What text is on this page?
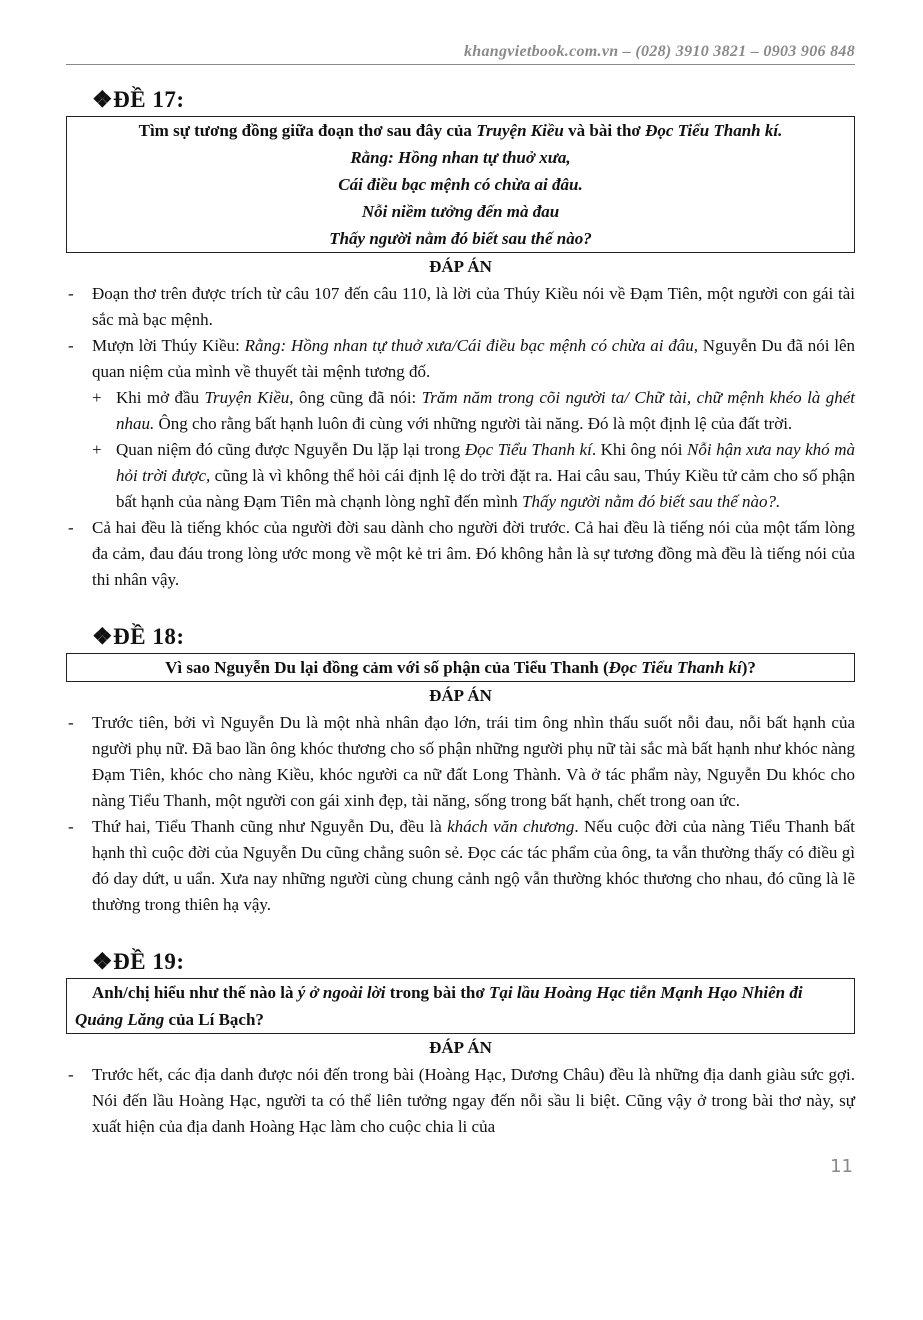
khangvietbook.com.vn – (028) 3910 3821 – 0903 906 848
❖ĐỀ 17:
Tìm sự tương đồng giữa đoạn thơ sau đây của Truyện Kiều và bài thơ Đọc Tiểu Thanh kí.
Rằng: Hồng nhan tự thuở xưa,
Cái điều bạc mệnh có chừa ai đâu.
Nỗi niềm tưởng đến mà đau
Thấy người nằm đó biết sau thế nào?
ĐÁP ÁN
- Đoạn thơ trên được trích từ câu 107 đến câu 110, là lời của Thúy Kiều nói về Đạm Tiên, một người con gái tài sắc mà bạc mệnh.
- Mượn lời Thúy Kiều: Rằng: Hồng nhan tự thuở xưa/Cái điều bạc mệnh có chừa ai đâu, Nguyễn Du đã nói lên quan niệm của mình về thuyết tài mệnh tương đố.
+ Khi mở đầu Truyện Kiều, ông cũng đã nói: Trăm năm trong cõi người ta/ Chữ tài, chữ mệnh khéo là ghét nhau. Ông cho rằng bất hạnh luôn đi cùng với những người tài năng. Đó là một định lệ của đất trời.
+ Quan niệm đó cũng được Nguyễn Du lặp lại trong Đọc Tiểu Thanh kí. Khi ông nói Nỗi hận xưa nay khó mà hỏi trời được, cũng là vì không thể hỏi cái định lệ do trời đặt ra. Hai câu sau, Thúy Kiều tử cảm cho số phận bất hạnh của nàng Đạm Tiên mà chạnh lòng nghĩ đến mình Thấy người nằm đó biết sau thế nào?.
- Cả hai đều là tiếng khóc của người đời sau dành cho người đời trước. Cả hai đều là tiếng nói của một tấm lòng đa cảm, đau đáu trong lòng ước mong về một kẻ tri âm. Đó không hẳn là sự tương đồng mà đều là tiếng nói của thi nhân vậy.
❖ĐỀ 18:
Vì sao Nguyễn Du lại đồng cảm với số phận của Tiểu Thanh (Đọc Tiểu Thanh kí)?
ĐÁP ÁN
- Trước tiên, bởi vì Nguyễn Du là một nhà nhân đạo lớn, trái tim ông nhìn thấu suốt nỗi đau, nỗi bất hạnh của người phụ nữ. Đã bao lần ông khóc thương cho số phận những người phụ nữ tài sắc mà bất hạnh như khóc nàng Đạm Tiên, khóc cho nàng Kiều, khóc người ca nữ đất Long Thành. Và ở tác phẩm này, Nguyễn Du khóc cho nàng Tiểu Thanh, một người con gái xinh đẹp, tài năng, sống trong bất hạnh, chết trong oan ức.
- Thứ hai, Tiểu Thanh cũng như Nguyễn Du, đều là khách văn chương. Nếu cuộc đời của nàng Tiểu Thanh bất hạnh thì cuộc đời của Nguyễn Du cũng chẳng suôn sẻ. Đọc các tác phẩm của ông, ta vẫn thường thấy có điều gì đó day dứt, u uẩn. Xưa nay những người cùng chung cảnh ngộ vẫn thường khóc thương cho nhau, đó cũng là lẽ thường trong thiên hạ vậy.
❖ĐỀ 19:
Anh/chị hiểu như thế nào là ý ở ngoài lời trong bài thơ Tại lầu Hoàng Hạc tiễn Mạnh Hạo Nhiên đi Quảng Lăng của Lí Bạch?
ĐÁP ÁN
- Trước hết, các địa danh được nói đến trong bài (Hoàng Hạc, Dương Châu) đều là những địa danh giàu sức gợi. Nói đến lầu Hoàng Hạc, người ta có thể liên tưởng ngay đến nỗi sầu li biệt. Cũng vậy ở trong bài thơ này, sự xuất hiện của địa danh Hoàng Hạc làm cho cuộc chia li của
11
